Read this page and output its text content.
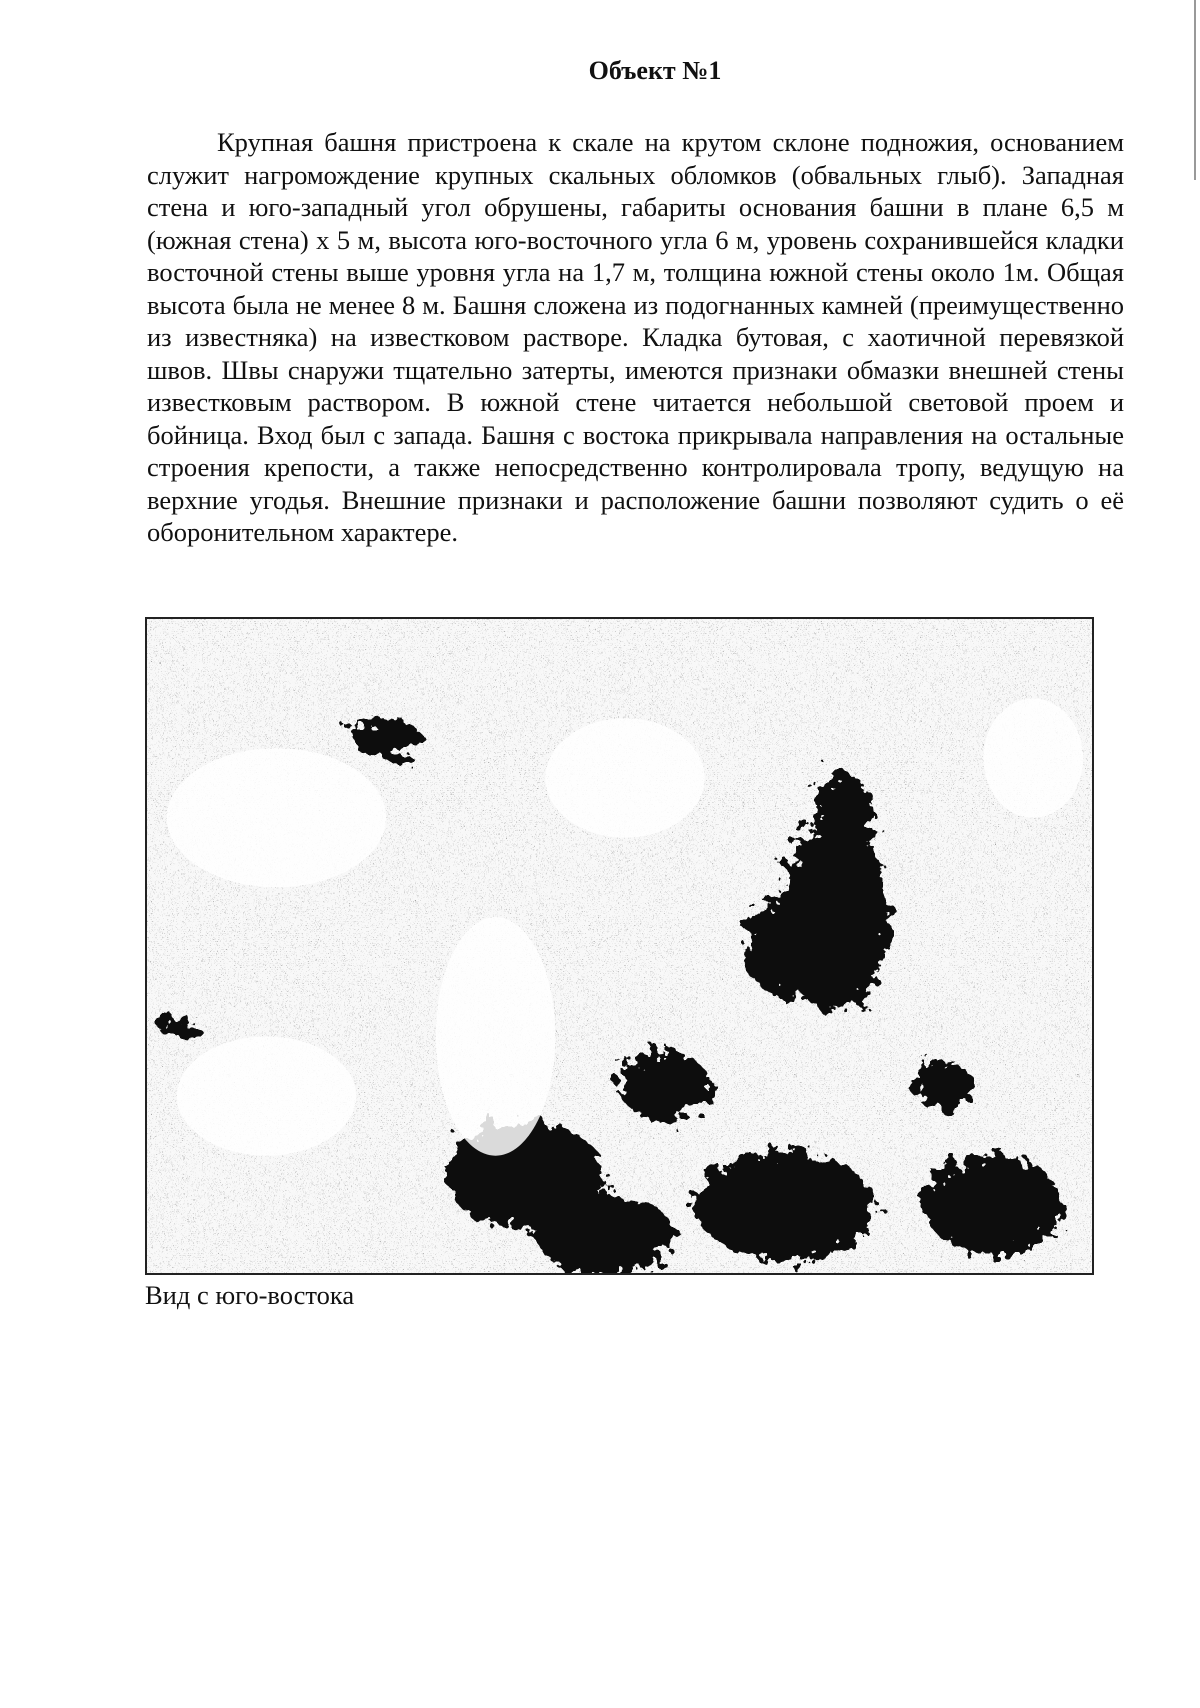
Объект №1

Крупная башня пристроена к скале на крутом склоне подножия, основанием служит нагромождение крупных скальных обломков (обвальных глыб). Западная стена и юго-западный угол обрушены, габариты основания башни в плане 6,5 м (южная стена) х 5 м, высота юго-восточного угла 6 м, уровень сохранившейся кладки восточной стены выше уровня угла на 1,7 м, толщина южной стены около 1м. Общая высота была не менее 8 м. Башня сложена из подогнанных камней (преимущественно из известняка) на известковом растворе. Кладка бутовая, с хаотичной перевязкой швов. Швы снаружи тщательно затерты, имеются признаки обмазки внешней стены известковым раствором. В южной стене читается небольшой световой проем и бойница. Вход был с запада. Башня с востока прикрывала направления на остальные строения крепости, а также непосредственно контролировала тропу, ведущую на верхние угодья. Внешние признаки и расположение башни позволяют судить о её оборонительном характере.

Вид с юго-востока
